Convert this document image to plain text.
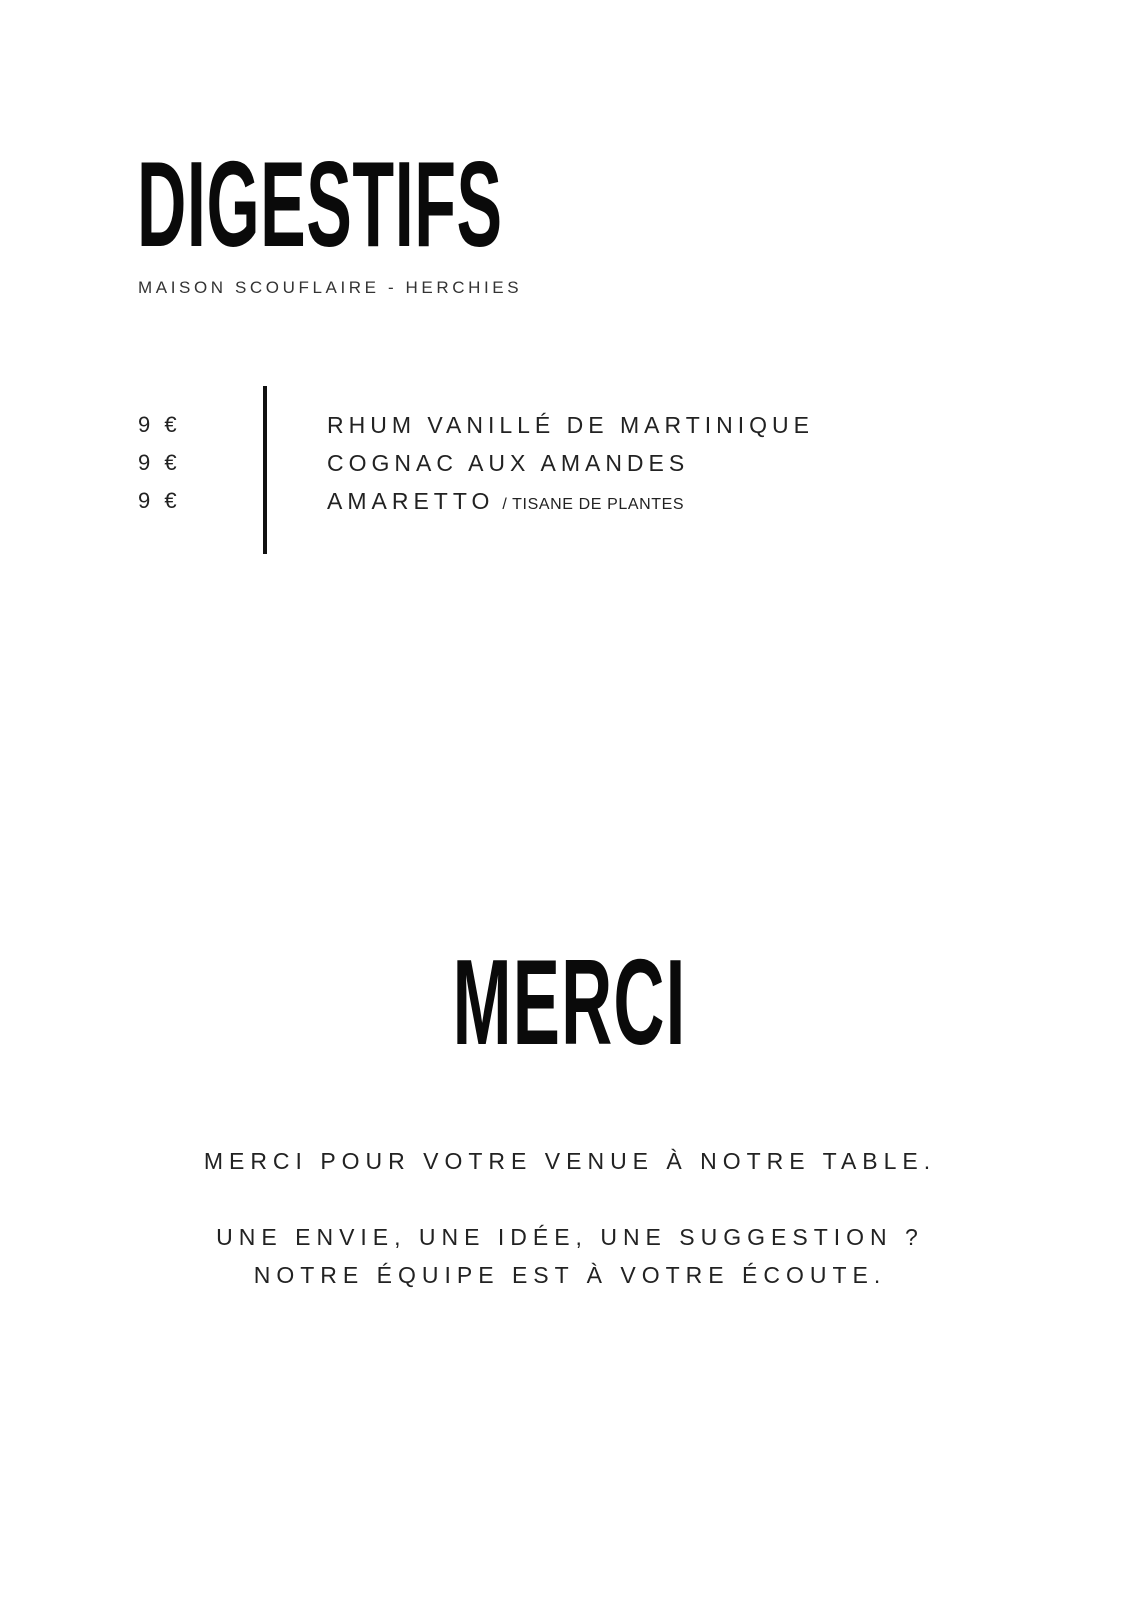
DIGESTIFS
MAISON SCOUFLAIRE - HERCHIES
9 €
9 €
9 €
RHUM VANILLÉ DE MARTINIQUE
COGNAC AUX AMANDES
AMARETTO / TISANE DE PLANTES
MERCI
MERCI POUR VOTRE VENUE À NOTRE TABLE.
UNE ENVIE, UNE IDÉE, UNE SUGGESTION ?
NOTRE ÉQUIPE EST À VOTRE ÉCOUTE.
